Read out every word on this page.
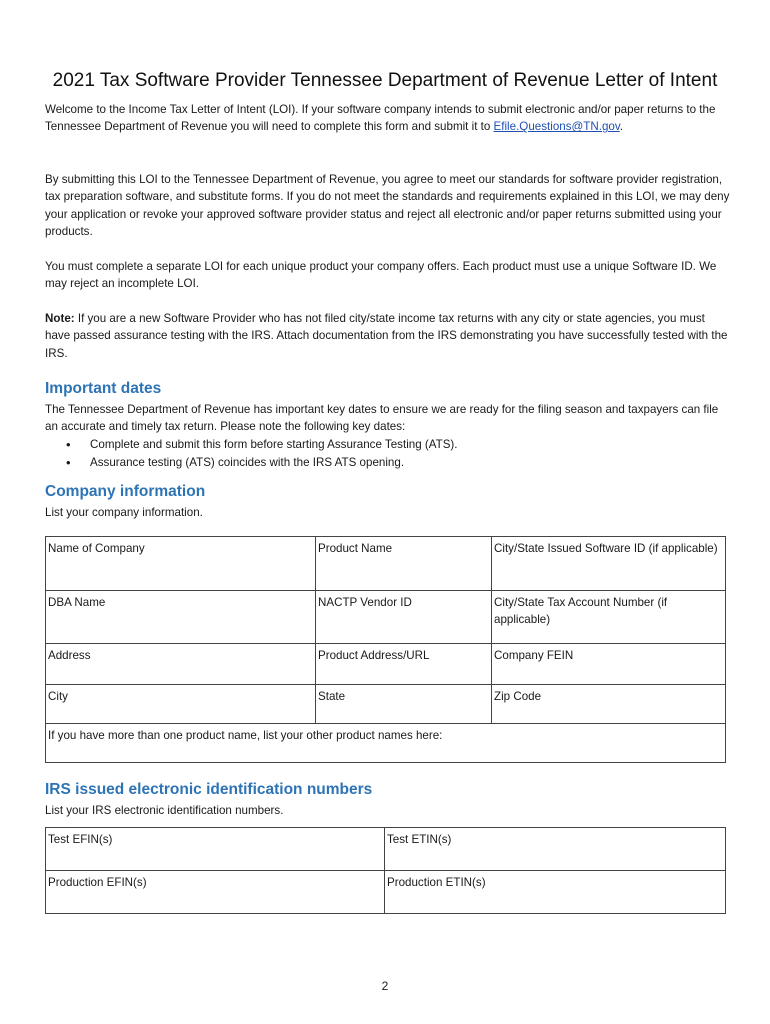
2021 Tax Software Provider Tennessee Department of Revenue Letter of Intent

Welcome to the Income Tax Letter of Intent (LOI). If your software company intends to submit electronic and/or paper returns to the Tennessee Department of Revenue you will need to complete this form and submit it to Efile.Questions@TN.gov.

By submitting this LOI to the Tennessee Department of Revenue, you agree to meet our standards for software provider registration, tax preparation software, and substitute forms. If you do not meet the standards and requirements explained in this LOI, we may deny your application or revoke your approved software provider status and reject all electronic and/or paper returns submitted using your products.

You must complete a separate LOI for each unique product your company offers. Each product must use a unique Software ID. We may reject an incomplete LOI.

Note: If you are a new Software Provider who has not filed city/state income tax returns with any city or state agencies, you must have passed assurance testing with the IRS. Attach documentation from the IRS demonstrating you have successfully tested with the IRS.

Important dates

The Tennessee Department of Revenue has important key dates to ensure we are ready for the filing season and taxpayers can file an accurate and timely tax return. Please note the following key dates:

• Complete and submit this form before starting Assurance Testing (ATS).
• Assurance testing (ATS) coincides with the IRS ATS opening.
Company information

List your company information.

Name of Company	Product Name	City/State Issued Software ID (if applicable)
DBA Name	NACTP Vendor ID	City/State Tax Account Number (if applicable)
Address	Product Address/URL	Company FEIN
City	State	Zip Code
If you have more than one product name, list your other product names here:		
IRS issued electronic identification numbers

List your IRS electronic identification numbers.

Test EFIN(s)	Test ETIN(s)
Production EFIN(s)	Production ETIN(s)
2
